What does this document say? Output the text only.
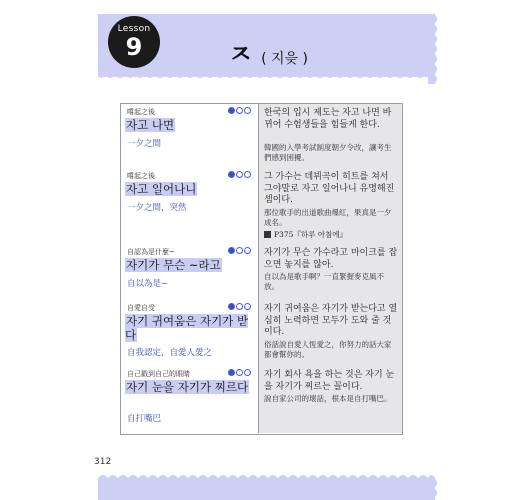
Lesson
9	ㅈ ( 지읒 )
嚐起之後
자고 나면
一夕之間
한국의 입시 제도는 자고 나면 바뀌어 수험생들을 힘들게 한다.
韓國的入學考試制度朝夕令改，讓考生們感到困擾。
嚐起之後
자고 일어나니
一夕之間，突然
그 가수는 데뷔곡이 히트를 쳐서 그야말로 자고 일어나니 유명해진 셈이다.
那位歌手的出道歌曲爆紅，果真是一夕成名。
P375『하루 아침에』
自認為是什麼~
자기가 무슨 ~라고
自以為是~
자기가 무슨 가수라고 마이크를 잡으면 놓지를 않아.
自以為是歌手啊？一直緊握麥克風不放。
自愛自受
자기 귀여움은 자기가 받다
自我認定，自愛人愛之
자기 귀여움은 자기가 받는다고 열심히 노력하면 모두가 도와 줄 것이다.
俗話說自愛人恆愛之，你努力的話大家都會幫你的。
自己戳到自己的眼睛
자기 눈을 자기가 찌르다
自打嘴巴
자기 회사 욕을 하는 것은 자기 눈을 자기가 찌르는 꼴이다.
說自家公司的壞話，根本是自打嘴巴。
312
